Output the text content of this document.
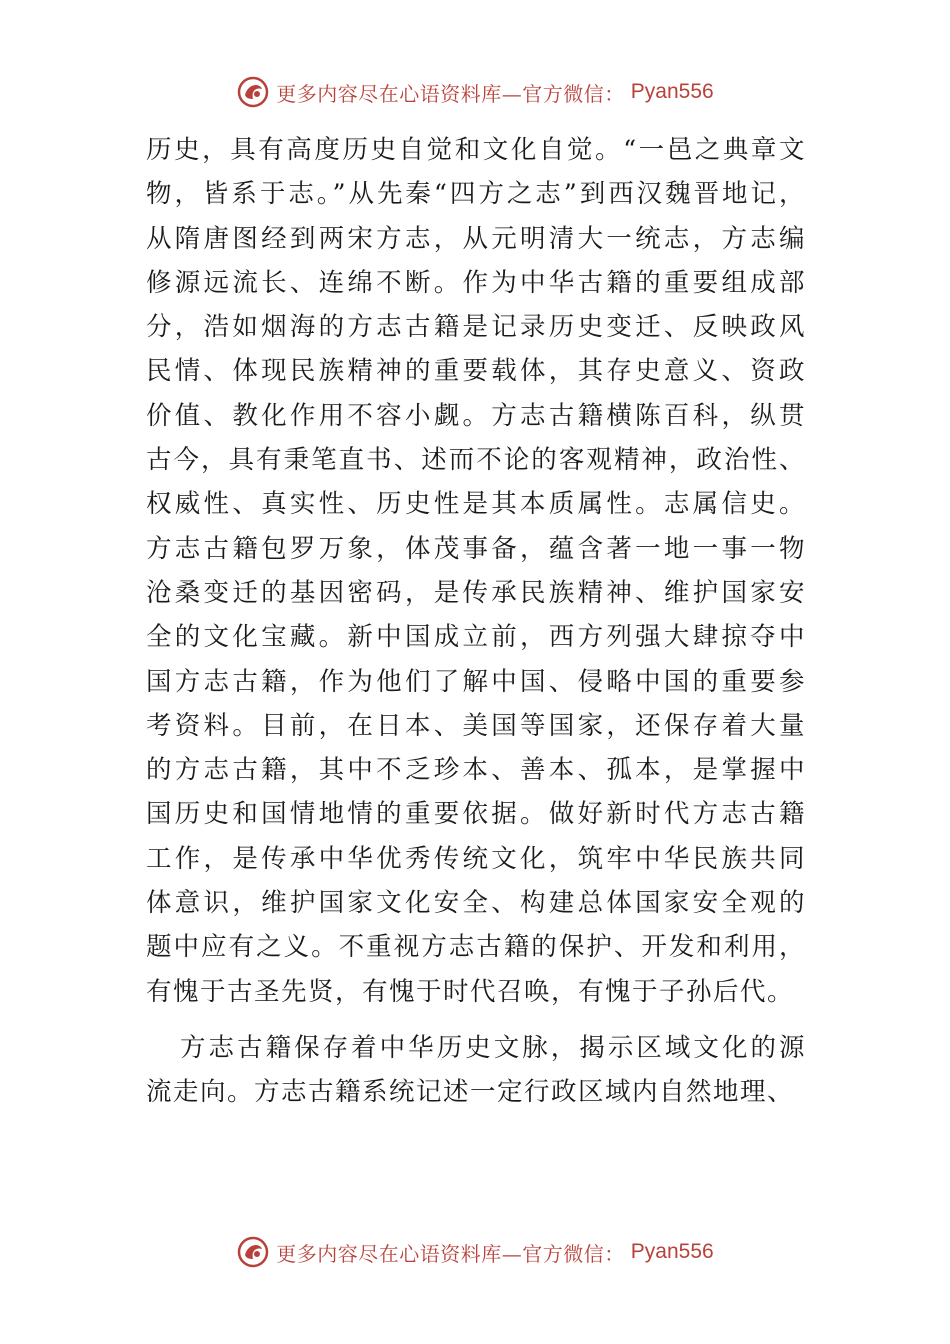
更多内容尽在心语资料库—官方微信： Pyan556
历史，具有高度历史自觉和文化自觉。“一邑之典章文
物，皆系于志。”从先秦“四方之志”到西汉魏晋地记，
从隋唐图经到两宋方志，从元明清大一统志，方志编
修源远流长、连绵不断。作为中华古籍的重要组成部
分，浩如烟海的方志古籍是记录历史变迁、反映政风
民情、体现民族精神的重要载体，其存史意义、资政
价值、教化作用不容小觑。方志古籍横陈百科，纵贯
古今，具有秉笔直书、述而不论的客观精神，政治性、
权威性、真实性、历史性是其本质属性。志属信史。
方志古籍包罗万象，体茂事备，蕴含著一地一事一物
沧桑变迁的基因密码，是传承民族精神、维护国家安
全的文化宝藏。新中国成立前，西方列强大肆掠夺中
国方志古籍，作为他们了解中国、侵略中国的重要参
考资料。目前，在日本、美国等国家，还保存着大量
的方志古籍，其中不乏珍本、善本、孤本，是掌握中
国历史和国情地情的重要依据。做好新时代方志古籍
工作，是传承中华优秀传统文化，筑牢中华民族共同
体意识，维护国家文化安全、构建总体国家安全观的
题中应有之义。不重视方志古籍的保护、开发和利用，
有愧于古圣先贤，有愧于时代召唤，有愧于子孙后代。
方志古籍保存着中华历史文脉，揭示区域文化的源
流走向。方志古籍系统记述一定行政区域内自然地理、
更多内容尽在心语资料库—官方微信： Pyan556
